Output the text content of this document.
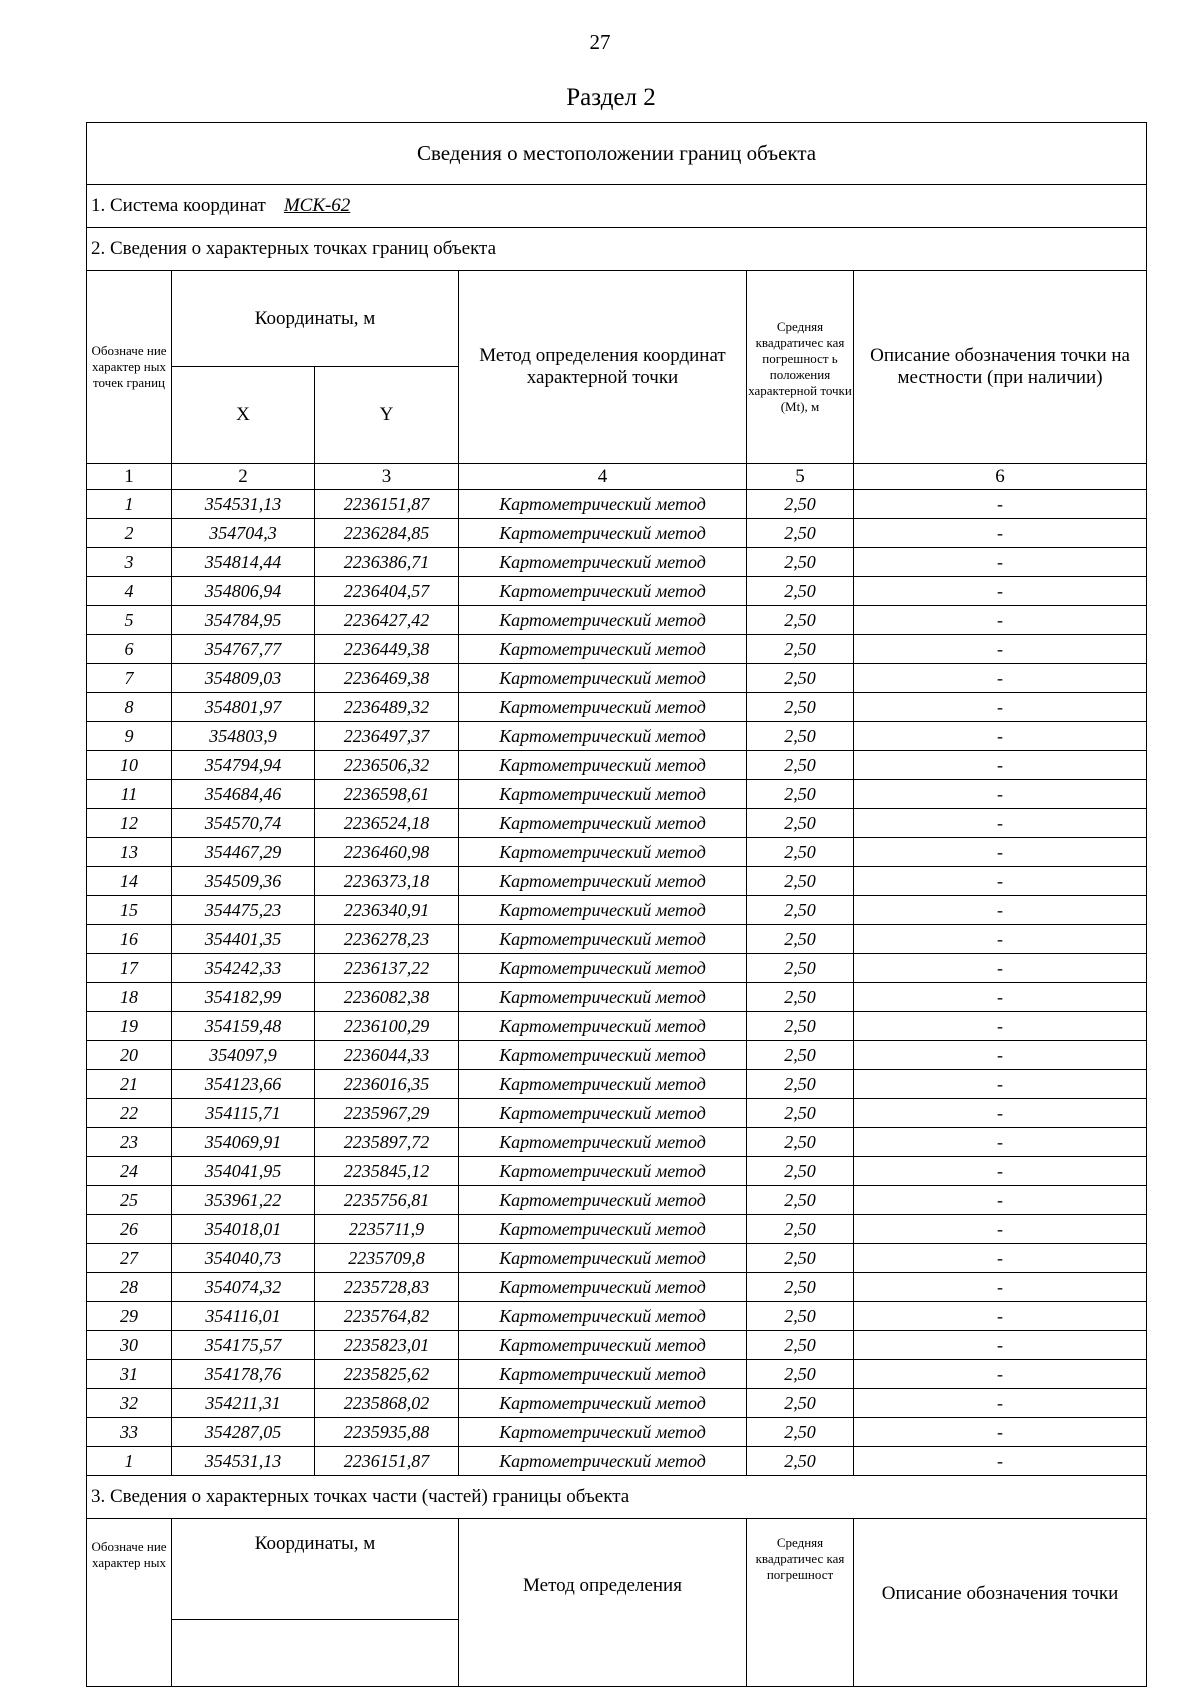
27
Раздел 2
Сведения о местоположении границ объекта					
1. Система координат МСК-62					
2. Сведения о характерных точках границ объекта					
Обозначе ние характер ных точек границ	Координаты, м		Метод определения координат характерной точки	Средняя квадратичес кая погрешност ь положения характерной точки (Mt), м	Описание обозначения точки на местности (при наличии)
	X	Y			
1	2	3	4	5	6
1	354531,13	2236151,87	Картометрический метод	2,50	-
2	354704,3	2236284,85	Картометрический метод	2,50	-
3	354814,44	2236386,71	Картометрический метод	2,50	-
4	354806,94	2236404,57	Картометрический метод	2,50	-
5	354784,95	2236427,42	Картометрический метод	2,50	-
6	354767,77	2236449,38	Картометрический метод	2,50	-
7	354809,03	2236469,38	Картометрический метод	2,50	-
8	354801,97	2236489,32	Картометрический метод	2,50	-
9	354803,9	2236497,37	Картометрический метод	2,50	-
10	354794,94	2236506,32	Картометрический метод	2,50	-
11	354684,46	2236598,61	Картометрический метод	2,50	-
12	354570,74	2236524,18	Картометрический метод	2,50	-
13	354467,29	2236460,98	Картометрический метод	2,50	-
14	354509,36	2236373,18	Картометрический метод	2,50	-
15	354475,23	2236340,91	Картометрический метод	2,50	-
16	354401,35	2236278,23	Картометрический метод	2,50	-
17	354242,33	2236137,22	Картометрический метод	2,50	-
18	354182,99	2236082,38	Картометрический метод	2,50	-
19	354159,48	2236100,29	Картометрический метод	2,50	-
20	354097,9	2236044,33	Картометрический метод	2,50	-
21	354123,66	2236016,35	Картометрический метод	2,50	-
22	354115,71	2235967,29	Картометрический метод	2,50	-
23	354069,91	2235897,72	Картометрический метод	2,50	-
24	354041,95	2235845,12	Картометрический метод	2,50	-
25	353961,22	2235756,81	Картометрический метод	2,50	-
26	354018,01	2235711,9	Картометрический метод	2,50	-
27	354040,73	2235709,8	Картометрический метод	2,50	-
28	354074,32	2235728,83	Картометрический метод	2,50	-
29	354116,01	2235764,82	Картометрический метод	2,50	-
30	354175,57	2235823,01	Картометрический метод	2,50	-
31	354178,76	2235825,62	Картометрический метод	2,50	-
32	354211,31	2235868,02	Картометрический метод	2,50	-
33	354287,05	2235935,88	Картометрический метод	2,50	-
1	354531,13	2236151,87	Картометрический метод	2,50	-
3. Сведения о характерных точках части (частей) границы объекта					
Обозначе ние характер ных	Координаты, м		Метод определения	Средняя квадратичес кая погрешност	Описание обозначения точки
